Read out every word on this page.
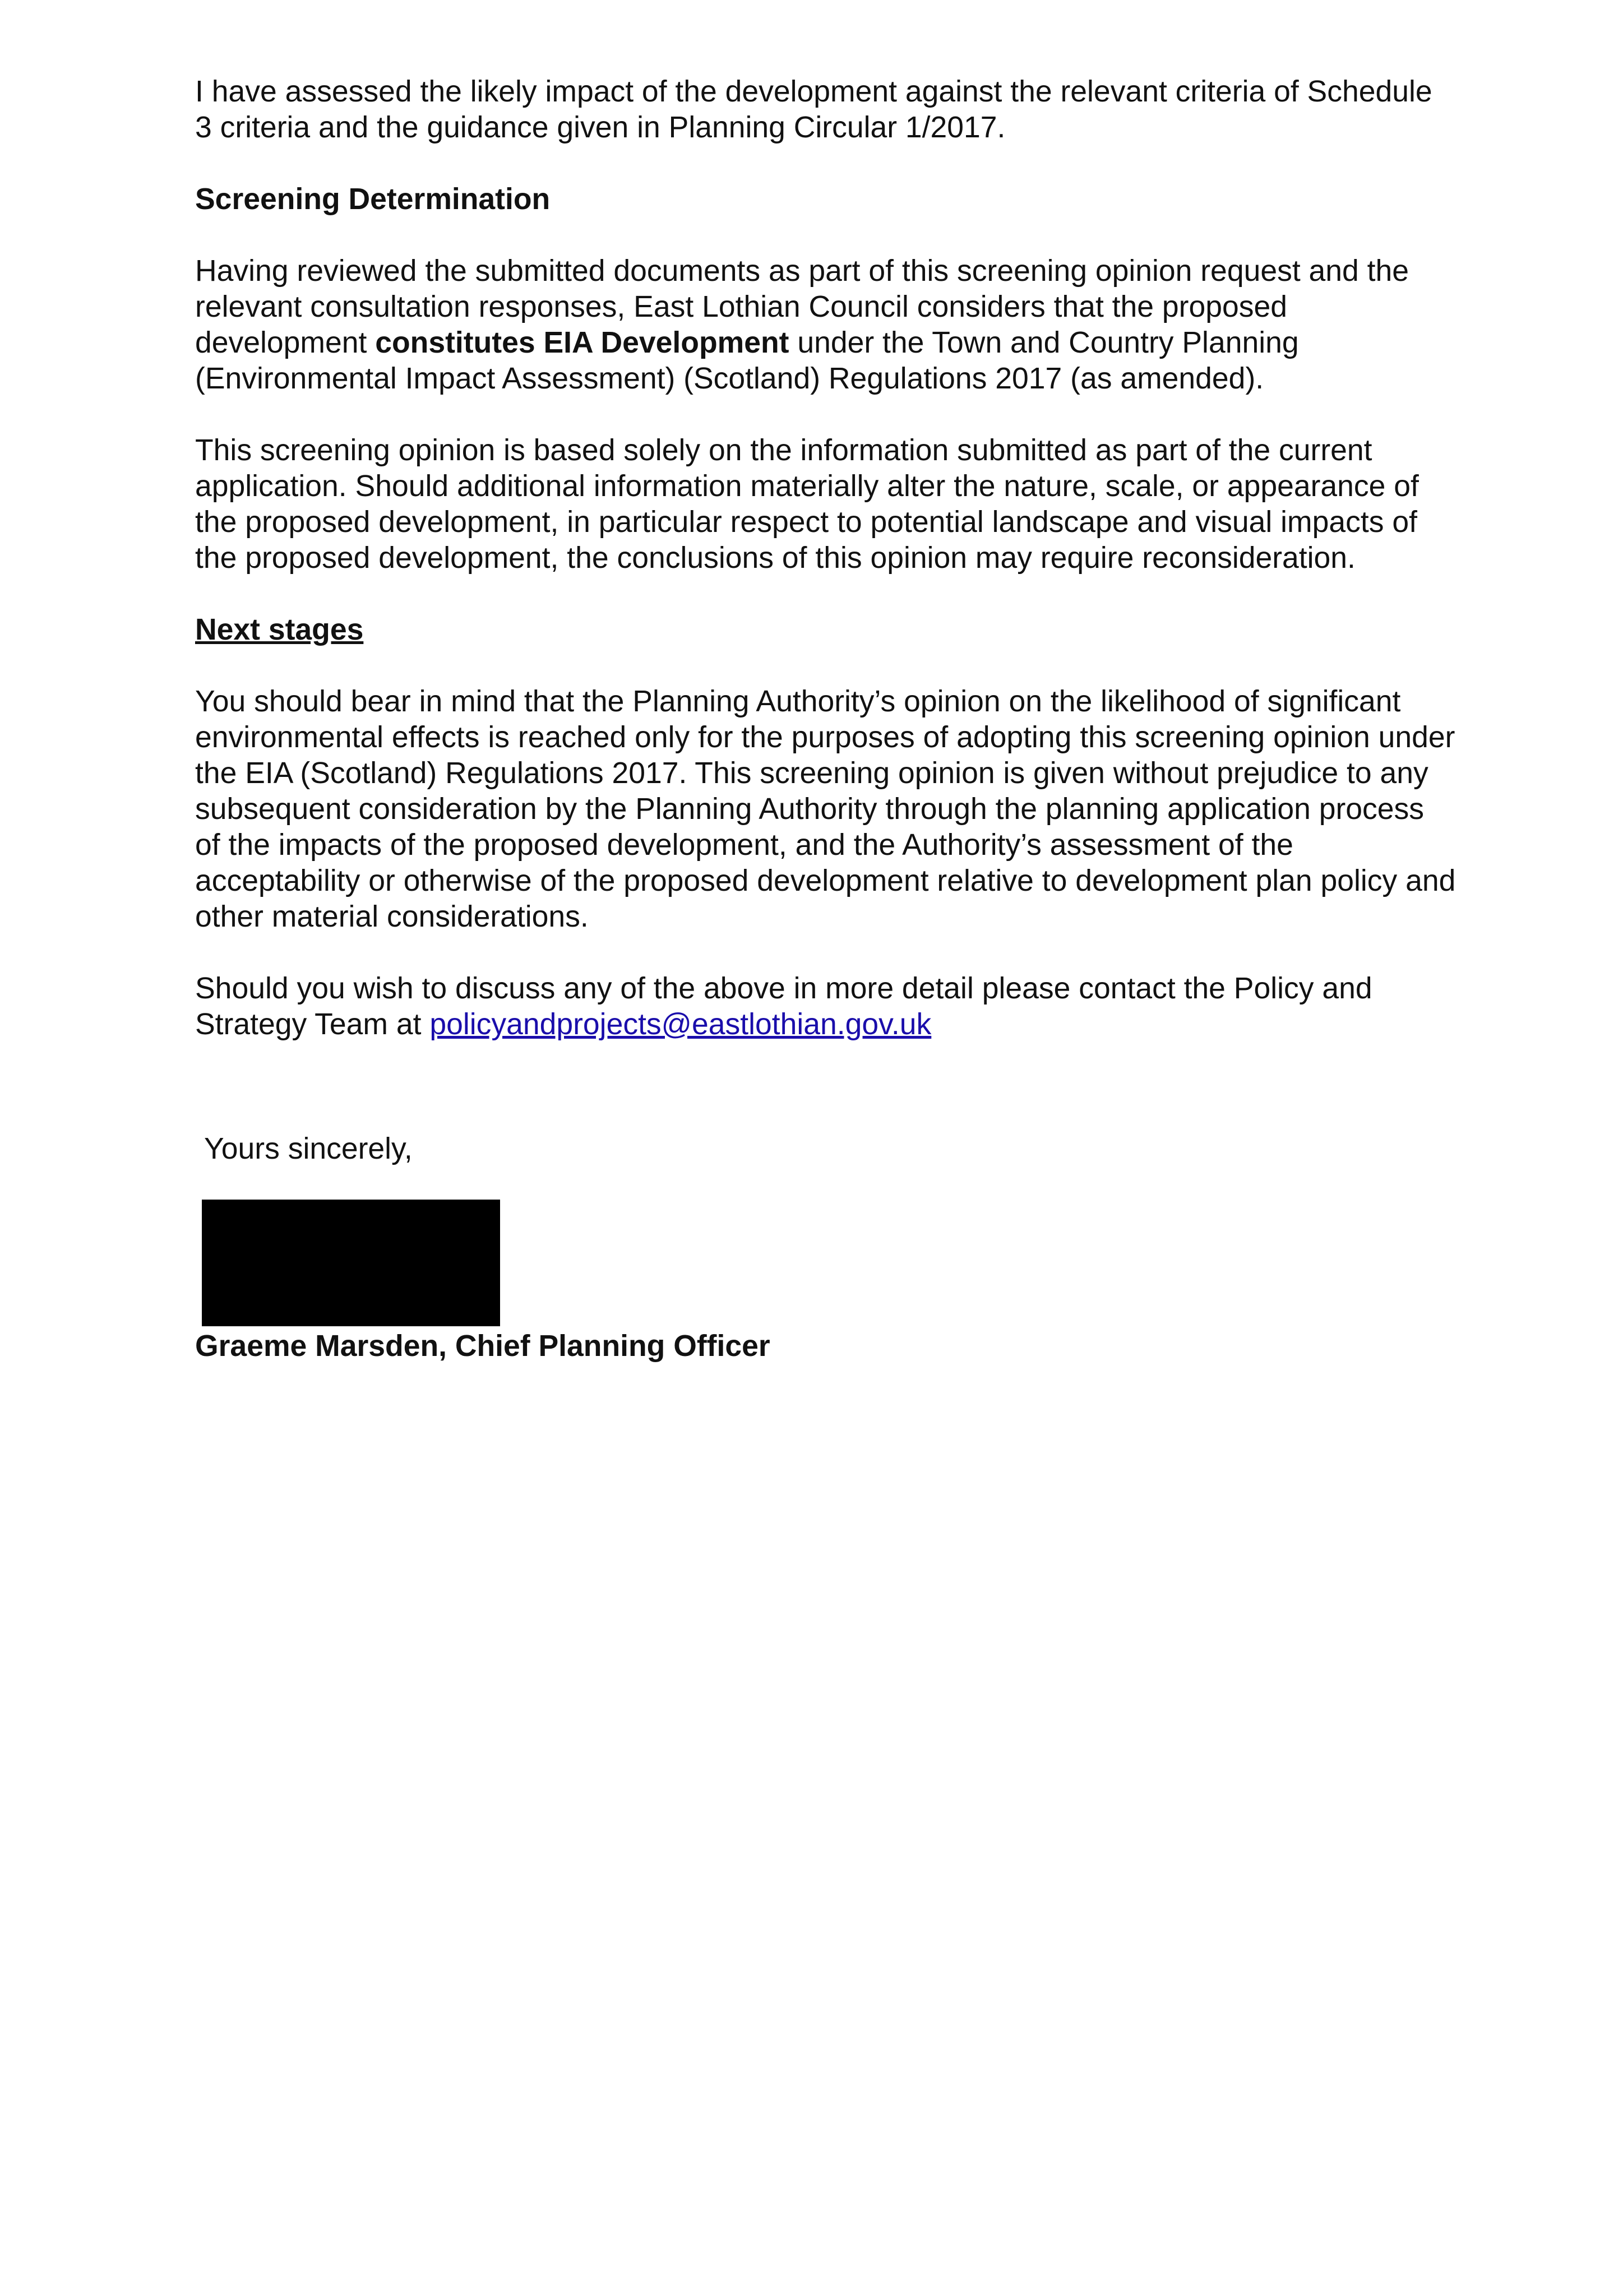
I have assessed the likely impact of the development against the relevant criteria of Schedule 3 criteria and the guidance given in Planning Circular 1/2017.

Screening Determination

Having reviewed the submitted documents as part of this screening opinion request and the relevant consultation responses, East Lothian Council considers that the proposed development constitutes EIA Development under the Town and Country Planning (Environmental Impact Assessment) (Scotland) Regulations 2017 (as amended).

This screening opinion is based solely on the information submitted as part of the current application. Should additional information materially alter the nature, scale, or appearance of the proposed development, in particular respect to potential landscape and visual impacts of the proposed development, the conclusions of this opinion may require reconsideration.

Next stages

You should bear in mind that the Planning Authority’s opinion on the likelihood of significant environmental effects is reached only for the purposes of adopting this screening opinion under the EIA (Scotland) Regulations 2017. This screening opinion is given without prejudice to any subsequent consideration by the Planning Authority through the planning application process of the impacts of the proposed development, and the Authority’s assessment of the acceptability or otherwise of the proposed development relative to development plan policy and other material considerations.

Should you wish to discuss any of the above in more detail please contact the Policy and Strategy Team at policyandprojects@eastlothian.gov.uk

Yours sincerely,

Graeme Marsden, Chief Planning Officer
